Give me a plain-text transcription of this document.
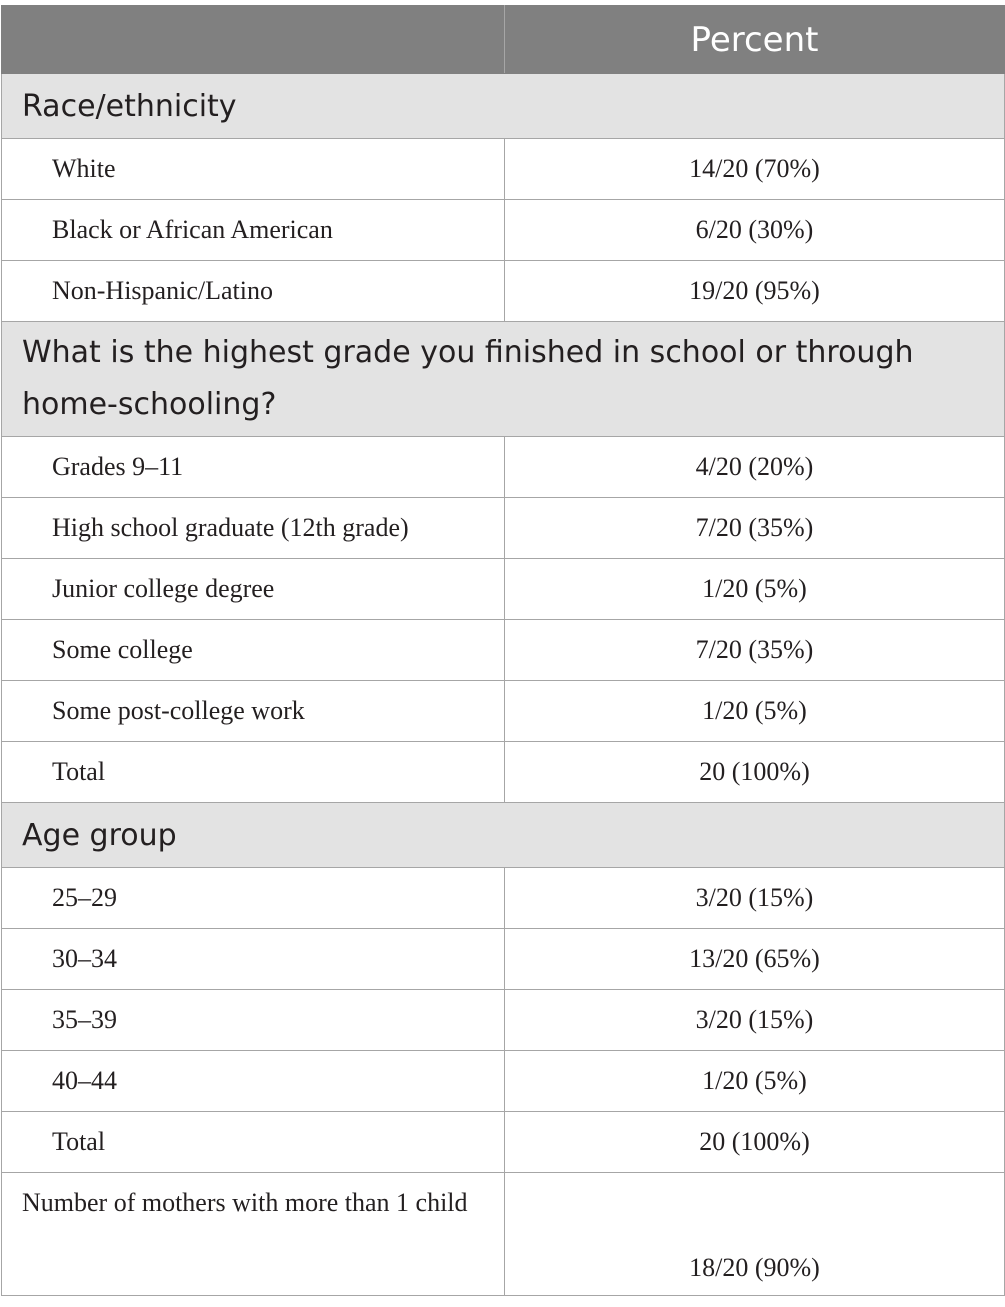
	Percent
Race/ethnicity	
White	14/20 (70%)
Black or African American	6/20 (30%)
Non-Hispanic/Latino	19/20 (95%)
What is the highest grade you finished in school or through home-schooling?	
Grades 9–11	4/20 (20%)
High school graduate (12th grade)	7/20 (35%)
Junior college degree	1/20 (5%)
Some college	7/20 (35%)
Some post-college work	1/20 (5%)
Total	20 (100%)
Age group	
25–29	3/20 (15%)
30–34	13/20 (65%)
35–39	3/20 (15%)
40–44	1/20 (5%)
Total	20 (100%)
Number of mothers with more than 1 child	18/20 (90%)
